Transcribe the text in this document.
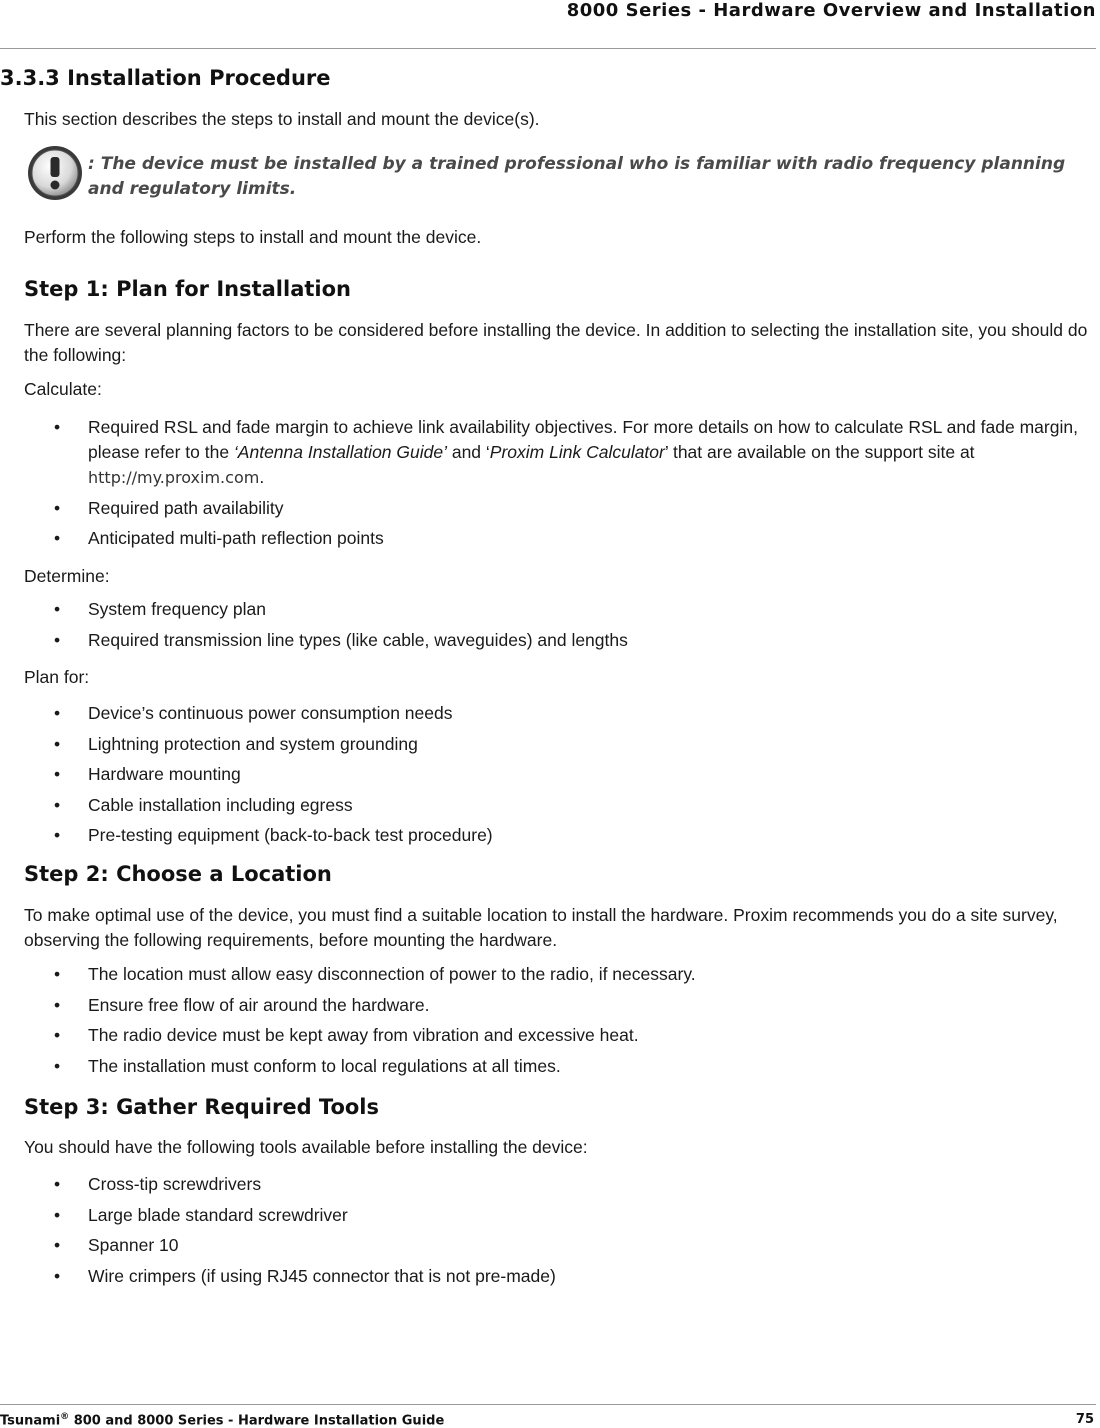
8000 Series - Hardware Overview and Installation
3.3.3 Installation Procedure
This section describes the steps to install and mount the device(s).
: The device must be installed by a trained professional who is familiar with radio frequency planning and regulatory limits.
Perform the following steps to install and mount the device.
Step 1: Plan for Installation
There are several planning factors to be considered before installing the device. In addition to selecting the installation site, you should do the following:
Calculate:
• Required RSL and fade margin to achieve link availability objectives. For more details on how to calculate RSL and fade margin, please refer to the ‘Antenna Installation Guide’ and ‘Proxim Link Calculator’ that are available on the support site at http://my.proxim.com.
• Required path availability
• Anticipated multi-path reflection points
Determine:
• System frequency plan
• Required transmission line types (like cable, waveguides) and lengths
Plan for:
• Device’s continuous power consumption needs
• Lightning protection and system grounding
• Hardware mounting
• Cable installation including egress
• Pre-testing equipment (back-to-back test procedure)
Step 2: Choose a Location
To make optimal use of the device, you must find a suitable location to install the hardware. Proxim recommends you do a site survey, observing the following requirements, before mounting the hardware.
• The location must allow easy disconnection of power to the radio, if necessary.
• Ensure free flow of air around the hardware.
• The radio device must be kept away from vibration and excessive heat.
• The installation must conform to local regulations at all times.
Step 3: Gather Required Tools
You should have the following tools available before installing the device:
• Cross-tip screwdrivers
• Large blade standard screwdriver
• Spanner 10
• Wire crimpers (if using RJ45 connector that is not pre-made)
Tsunami® 800 and 8000 Series - Hardware Installation Guide	75
